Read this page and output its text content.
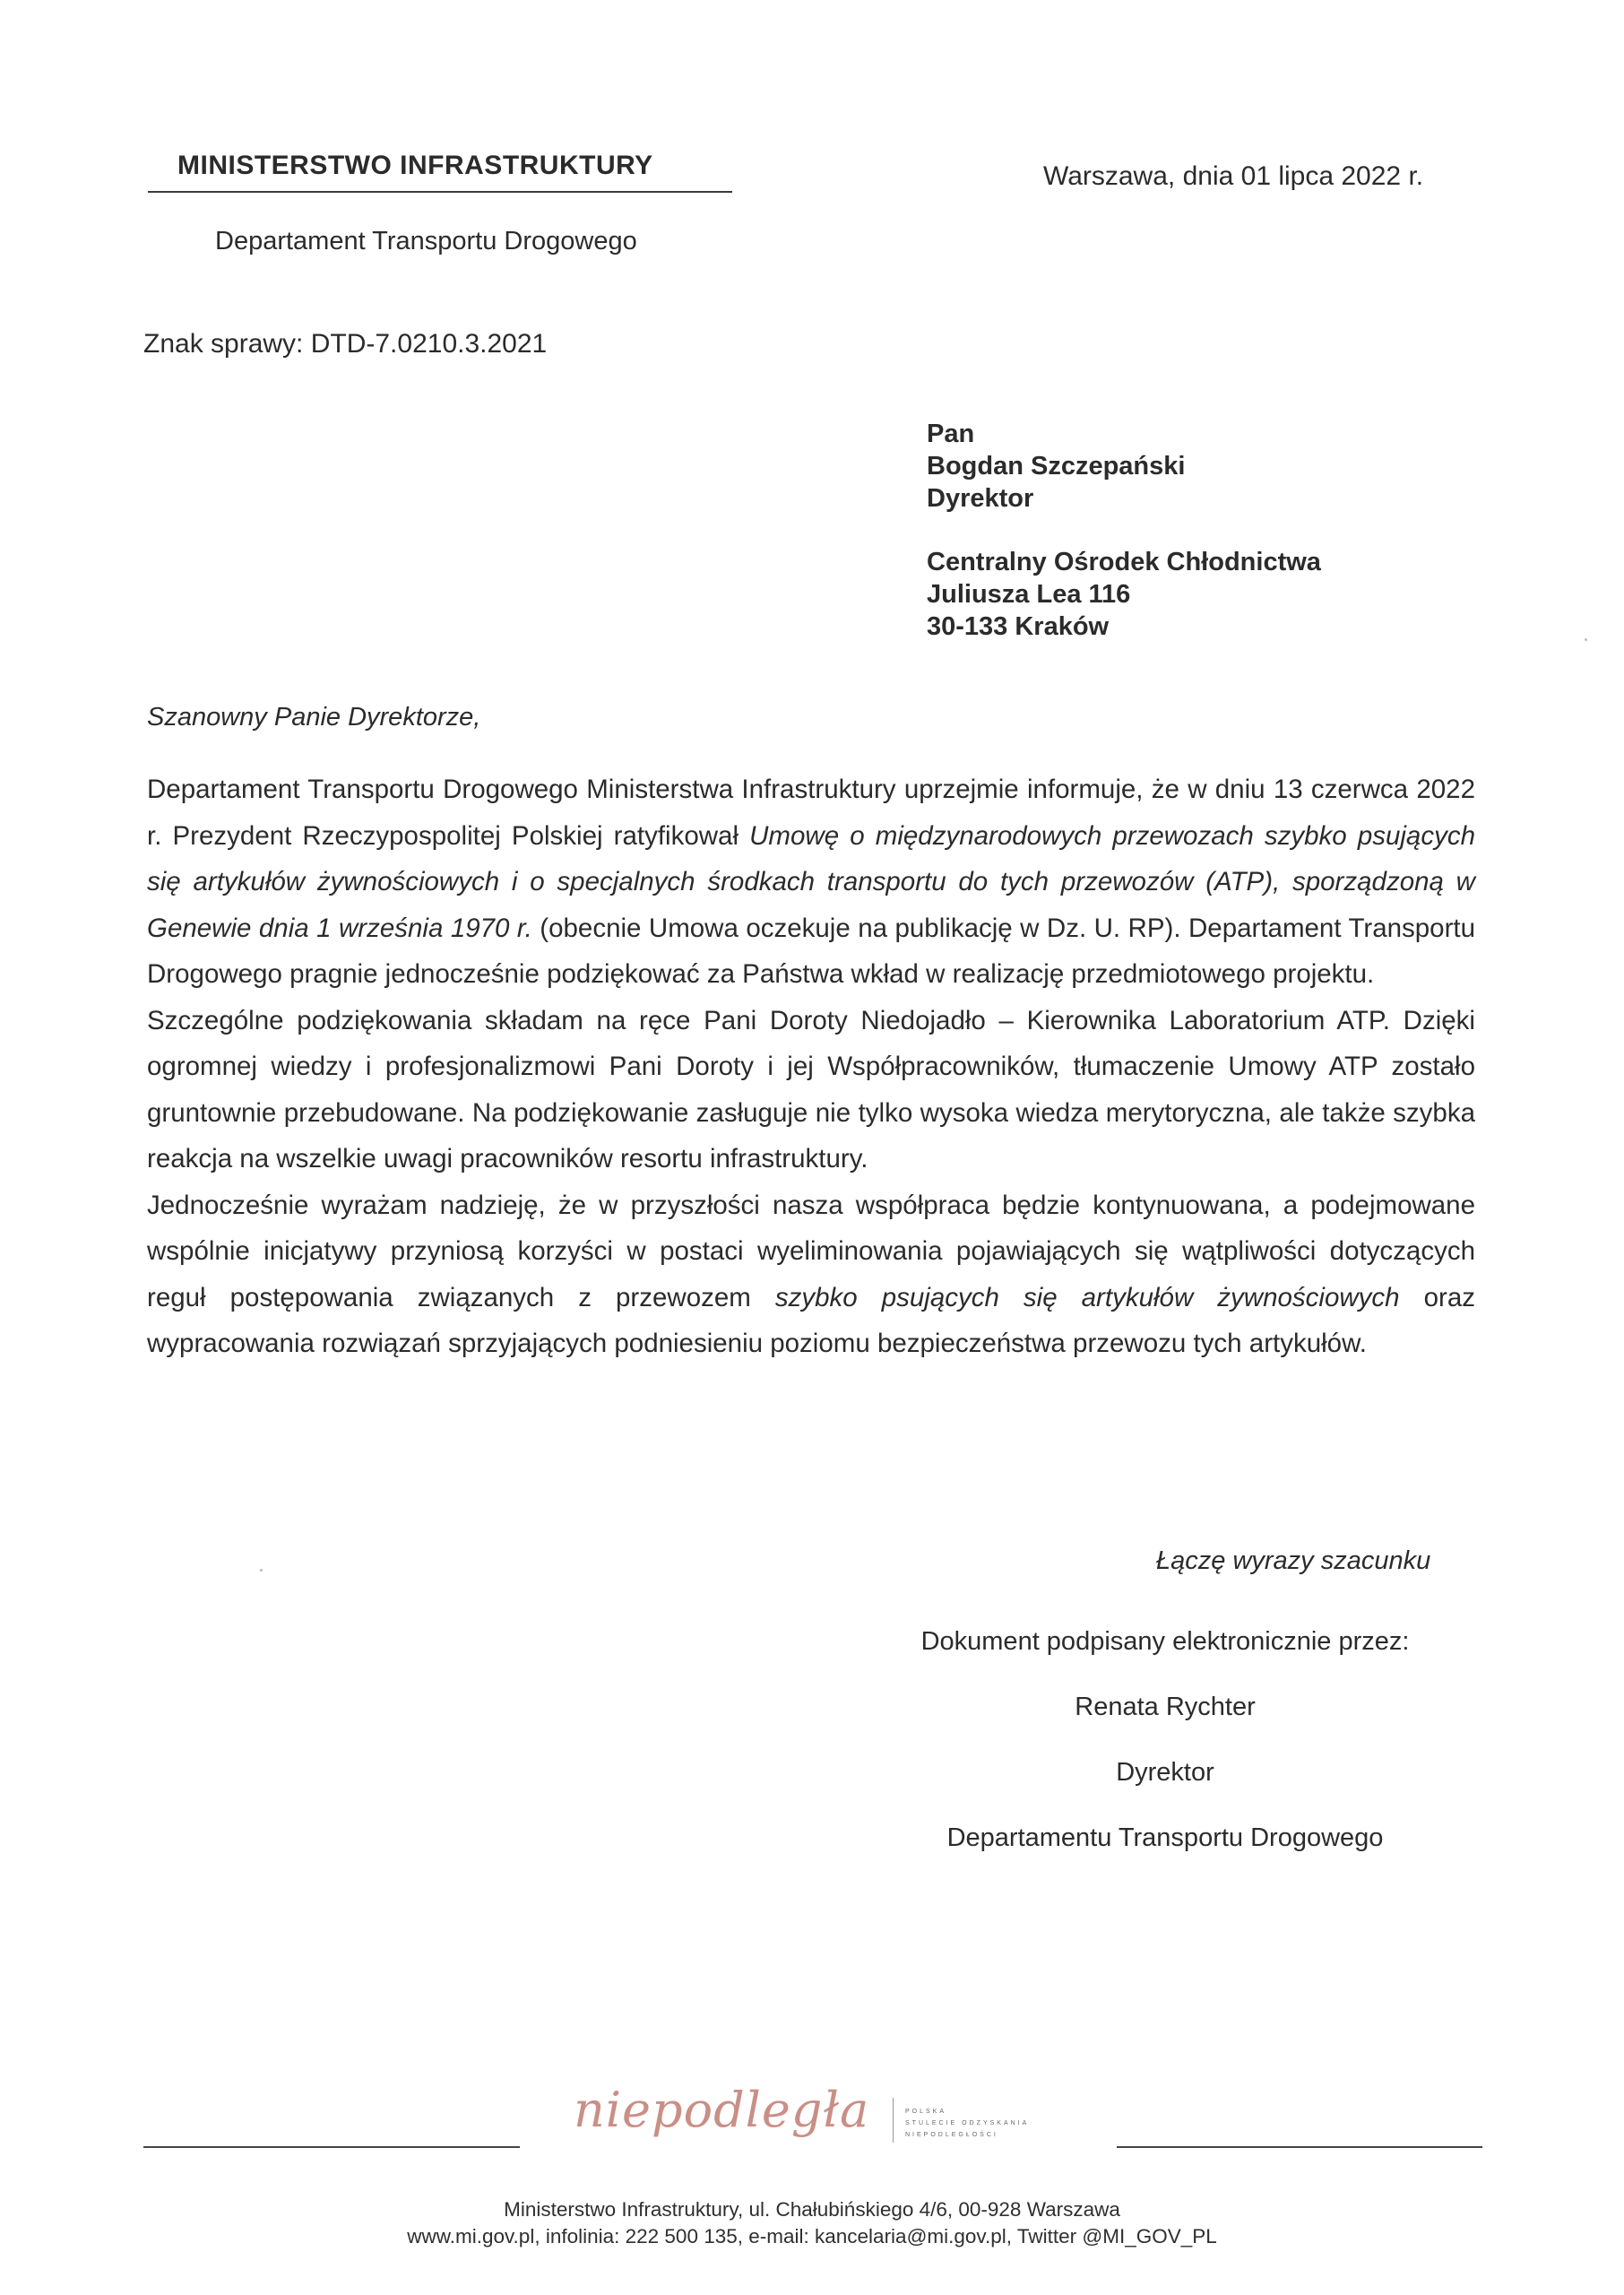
MINISTERSTWO INFRASTRUKTURY
Departament Transportu Drogowego
Warszawa, dnia 01 lipca 2022 r.
Znak sprawy: DTD-7.0210.3.2021
Pan
Bogdan Szczepański
Dyrektor
Centralny Ośrodek Chłodnictwa
Juliusza Lea 116
30-133 Kraków
Szanowny Panie Dyrektorze,

Departament Transportu Drogowego Ministerstwa Infrastruktury uprzejmie informuje, że w dniu 13 czerwca 2022 r. Prezydent Rzeczypospolitej Polskiej ratyfikował Umowę o międzynarodowych przewozach szybko psujących się artykułów żywnościowych i o specjalnych środkach transportu do tych przewozów (ATP), sporządzoną w Genewie dnia 1 września 1970 r. (obecnie Umowa oczekuje na publikację w Dz. U. RP). Departament Transportu Drogowego pragnie jednocześnie podziękować za Państwa wkład w realizację przedmiotowego projektu.

Szczególne podziękowania składam na ręce Pani Doroty Niedojadło – Kierownika Laboratorium ATP. Dzięki ogromnej wiedzy i profesjonalizmowi Pani Doroty i jej Współpracowników, tłumaczenie Umowy ATP zostało gruntownie przebudowane. Na podziękowanie zasługuje nie tylko wysoka wiedza merytoryczna, ale także szybka reakcja na wszelkie uwagi pracowników resortu infrastruktury.

Jednocześnie wyrażam nadzieję, że w przyszłości nasza współpraca będzie kontynuowana, a podejmowane wspólnie inicjatywy przyniosą korzyści w postaci wyeliminowania pojawiających się wątpliwości dotyczących reguł postępowania związanych z przewozem szybko psujących się artykułów żywnościowych oraz wypracowania rozwiązań sprzyjających podniesieniu poziomu bezpieczeństwa przewozu tych artykułów.

Łączę wyrazy szacunku
Dokument podpisany elektronicznie przez:
Renata Rychter
Dyrektor
Departamentu Transportu Drogowego
niepodległa	POLSKA
STULECIE ODZYSKANIA
NIEPODLEGŁOŚCI
Ministerstwo Infrastruktury, ul. Chałubińskiego 4/6, 00-928 Warszawa
www.mi.gov.pl, infolinia: 222 500 135, e-mail: kancelaria@mi.gov.pl, Twitter @MI_GOV_PL
